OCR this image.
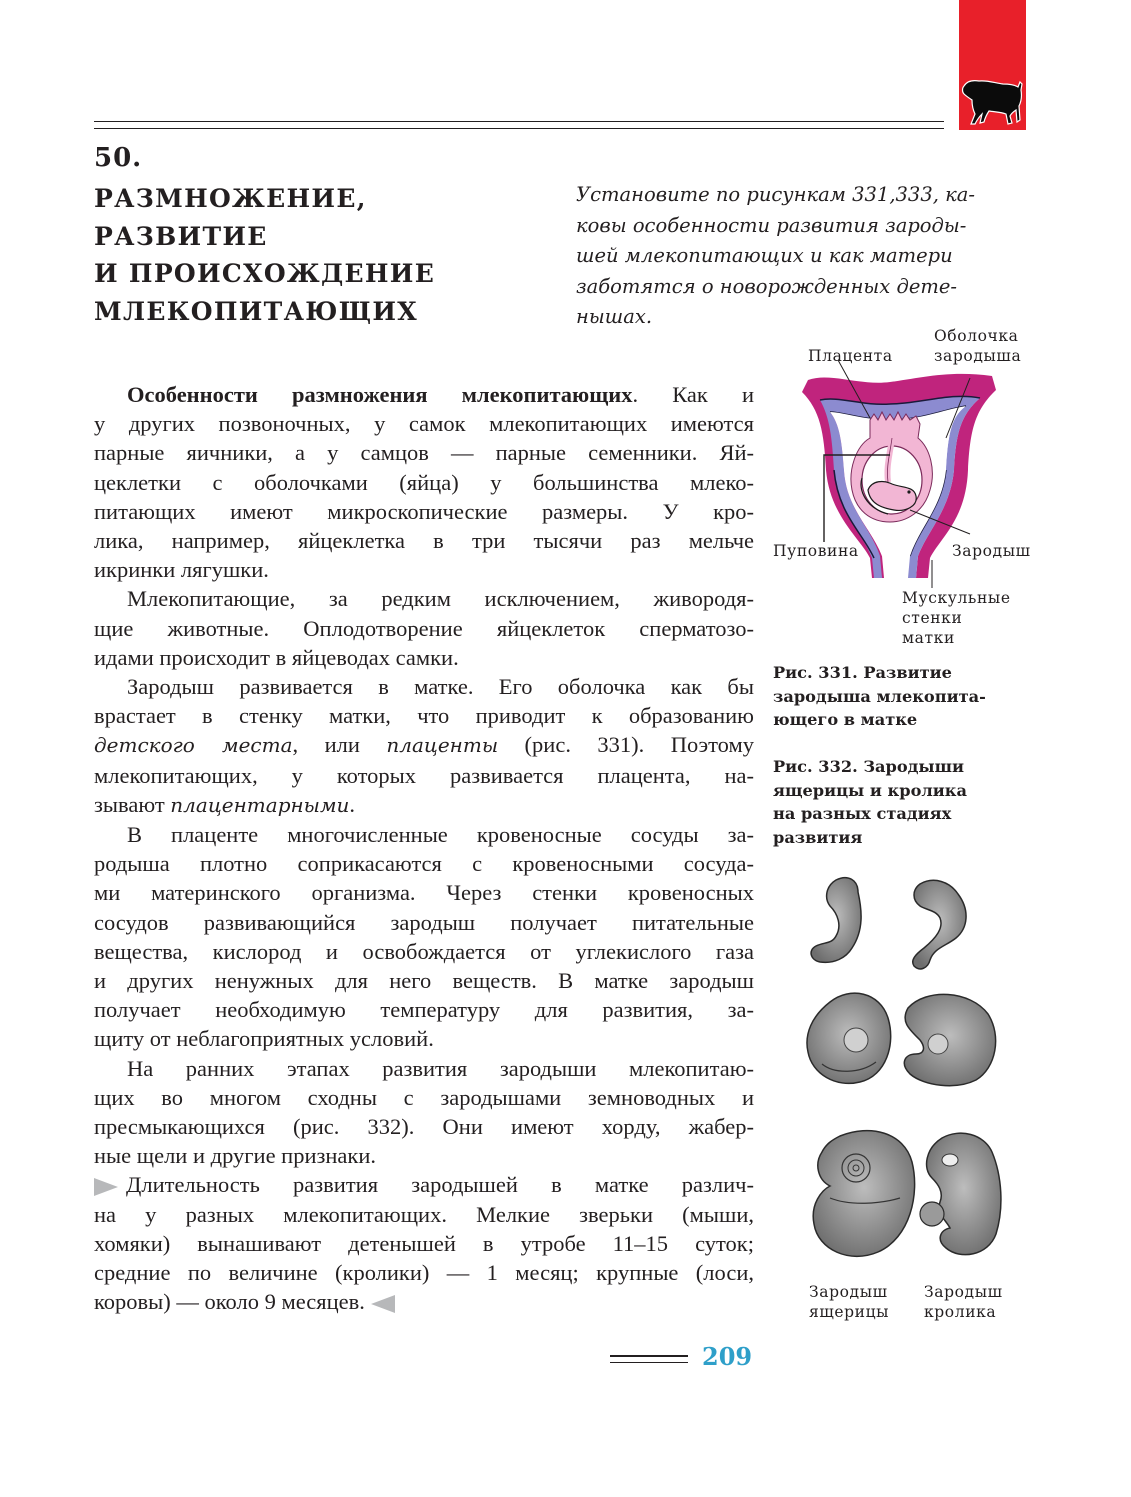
50.
РАЗМНОЖЕНИЕ,
РАЗВИТИЕ
И ПРОИСХОЖДЕНИЕ
МЛЕКОПИТАЮЩИХ
Установите по рисункам 331,333, ка-
ковы особенности развития зароды-
шей млекопитающих и как матери
заботятся о новорожденных дете-
нышах.
Особенности размножения млекопитающих. Как и
у других позвоночных, у самок млекопитающих имеются
парные яичники, а у самцов — парные семенники. Яй-
цеклетки с оболочками (яйца) у большинства млеко-
питающих имеют микроскопические размеры. У кро-
лика, например, яйцеклетка в три тысячи раз мельче
икринки лягушки.
Млекопитающие, за редким исключением, живородя-
щие животные. Оплодотворение яйцеклеток сперматозо-
идами происходит в яйцеводах самки.
Зародыш развивается в матке. Его оболочка как бы
врастает в стенку матки, что приводит к образованию
детского места, или плаценты (рис. 331). Поэтому
млекопитающих, у которых развивается плацента, на-
зывают плацентарными.
В плаценте многочисленные кровеносные сосуды за-
родыша плотно соприкасаются с кровеносными сосуда-
ми материнского организма. Через стенки кровеносных
сосудов развивающийся зародыш получает питательные
вещества, кислород и освобождается от углекислого газа
и других ненужных для него веществ. В матке зародыш
получает необходимую температуру для развития, за-
щиту от неблагоприятных условий.
На ранних этапах развития зародыши млекопитаю-
щих во многом сходны с зародышами земноводных и
пресмыкающихся (рис. 332). Они имеют хорду, жабер-
ные щели и другие признаки.
Длительность развития зародышей в матке различ-
на у разных млекопитающих. Мелкие зверьки (мыши,
хомяки) вынашивают детенышей в утробе 11–15 суток;
средние по величине (кролики) — 1 месяц; крупные (лоси,
коровы) — около 9 месяцев.
Плацента
Оболочка
зародыша
Пуповина	Зародыш
Мускульные
стенки
матки
Рис. 331. Развитие
зародыша млекопита-
ющего в матке
Рис. 332. Зародыши
ящерицы и кролика
на разных стадиях
развития
Зародыш
ящерицы
Зародыш
кролика
209
